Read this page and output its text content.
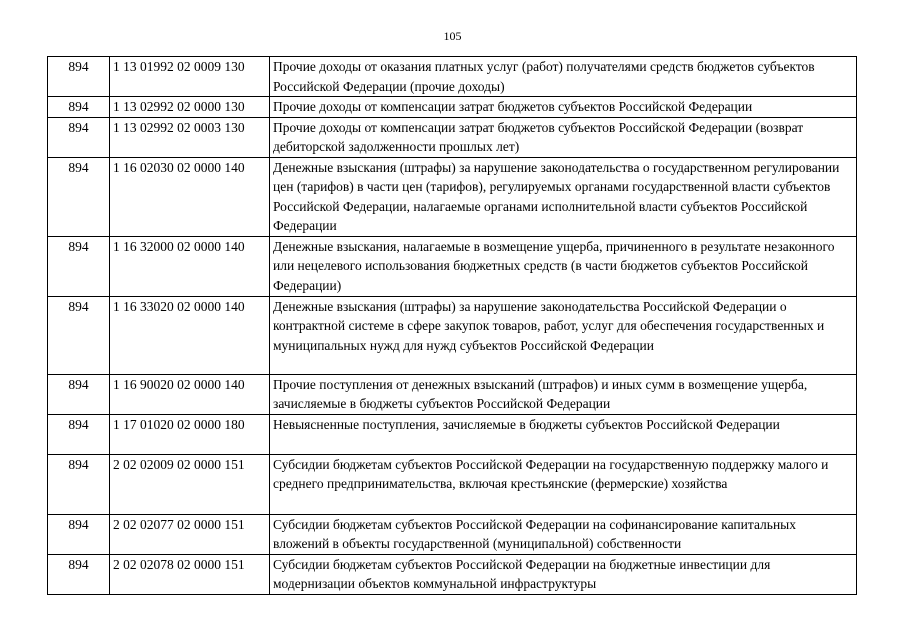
105
894	1 13 01992 02 0009 130	Прочие доходы от оказания платных услуг (работ) получателями средств бюджетов субъектов Российской Федерации (прочие доходы)
894	1 13 02992 02 0000 130	Прочие доходы от компенсации затрат бюджетов субъектов Российской Федерации
894	1 13 02992 02 0003 130	Прочие доходы от компенсации затрат бюджетов субъектов Российской Федерации (возврат дебиторской задолженности прошлых лет)
894	1 16 02030 02 0000 140	Денежные взыскания (штрафы) за нарушение законодательства о государственном регулировании цен (тарифов) в части цен (тарифов), регулируемых органами государственной власти субъектов Российской Федерации, налагаемые органами исполнительной власти субъектов Российской Федерации
894	1 16 32000 02 0000 140	Денежные взыскания, налагаемые в возмещение ущерба, причиненного в результате незаконного или нецелевого использования бюджетных средств (в части бюджетов субъектов Российской Федерации)
894	1 16 33020 02 0000 140	Денежные взыскания (штрафы) за нарушение законодательства Российской Федерации о контрактной системе в сфере закупок товаров, работ, услуг для обеспечения государственных и муниципальных нужд для нужд субъектов Российской Федерации
894	1 16 90020 02 0000 140	Прочие поступления от денежных взысканий (штрафов) и иных сумм в возмещение ущерба, зачисляемые в бюджеты субъектов Российской Федерации
894	1 17 01020 02 0000 180	Невыясненные поступления, зачисляемые в бюджеты субъектов Российской Федерации
894	2 02 02009 02 0000 151	Субсидии бюджетам субъектов Российской Федерации на государственную поддержку малого и среднего предпринимательства, включая крестьянские (фермерские) хозяйства
894	2 02 02077 02 0000 151	Субсидии бюджетам субъектов Российской Федерации на софинансирование капитальных вложений в объекты государственной (муниципальной) собственности
894	2 02 02078 02 0000 151	Субсидии бюджетам субъектов Российской Федерации на бюджетные инвестиции для модернизации объектов коммунальной инфраструктуры
